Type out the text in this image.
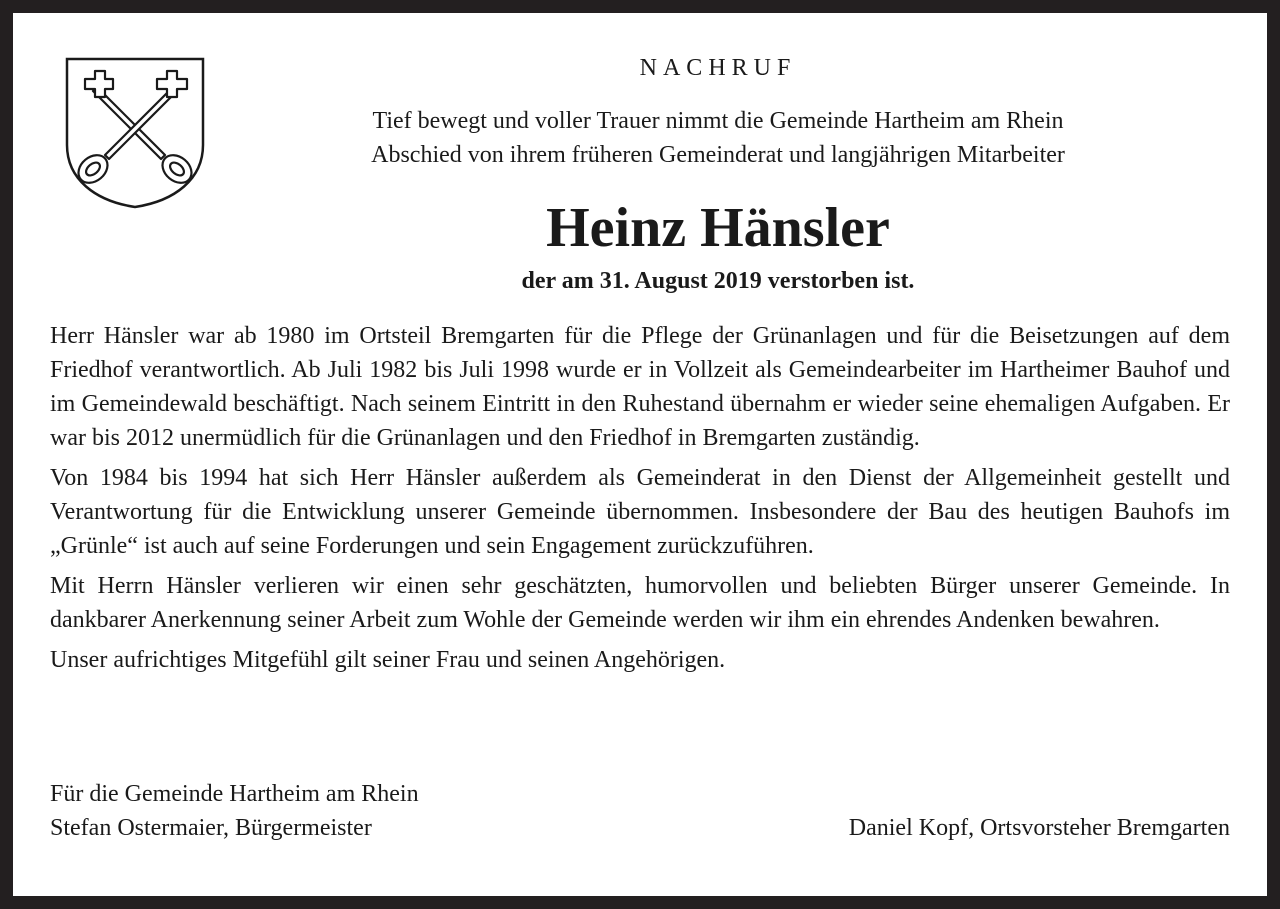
NACHRUF
Tief bewegt und voller Trauer nimmt die Gemeinde Hartheim am Rhein
Abschied von ihrem früheren Gemeinderat und langjährigen Mitarbeiter
Heinz Hänsler
der am 31. August 2019 verstorben ist.

Herr Hänsler war ab 1980 im Ortsteil Bremgarten für die Pflege der Grünanlagen und für die Beisetzungen auf dem Friedhof verantwortlich. Ab Juli 1982 bis Juli 1998 wurde er in Vollzeit als Gemeindearbeiter im Hartheimer Bauhof und im Gemeindewald beschäftigt. Nach seinem Eintritt in den Ruhestand übernahm er wieder seine ehemaligen Aufgaben. Er war bis 2012 unermüdlich für die Grünanlagen und den Friedhof in Bremgarten zuständig.

Von 1984 bis 1994 hat sich Herr Hänsler außerdem als Gemeinderat in den Dienst der Allgemeinheit gestellt und Verantwortung für die Entwicklung unserer Gemeinde übernommen. Insbesondere der Bau des heutigen Bauhofs im „Grünle“ ist auch auf seine Forderungen und sein Engagement zurückzuführen.

Mit Herrn Hänsler verlieren wir einen sehr geschätzten, humorvollen und beliebten Bürger unserer Gemeinde. In dankbarer Anerkennung seiner Arbeit zum Wohle der Gemeinde werden wir ihm ein ehrendes Andenken bewahren.

Unser aufrichtiges Mitgefühl gilt seiner Frau und seinen Angehörigen.

Für die Gemeinde Hartheim am Rhein
Stefan Ostermaier, Bürgermeister	Daniel Kopf, Ortsvorsteher Bremgarten
